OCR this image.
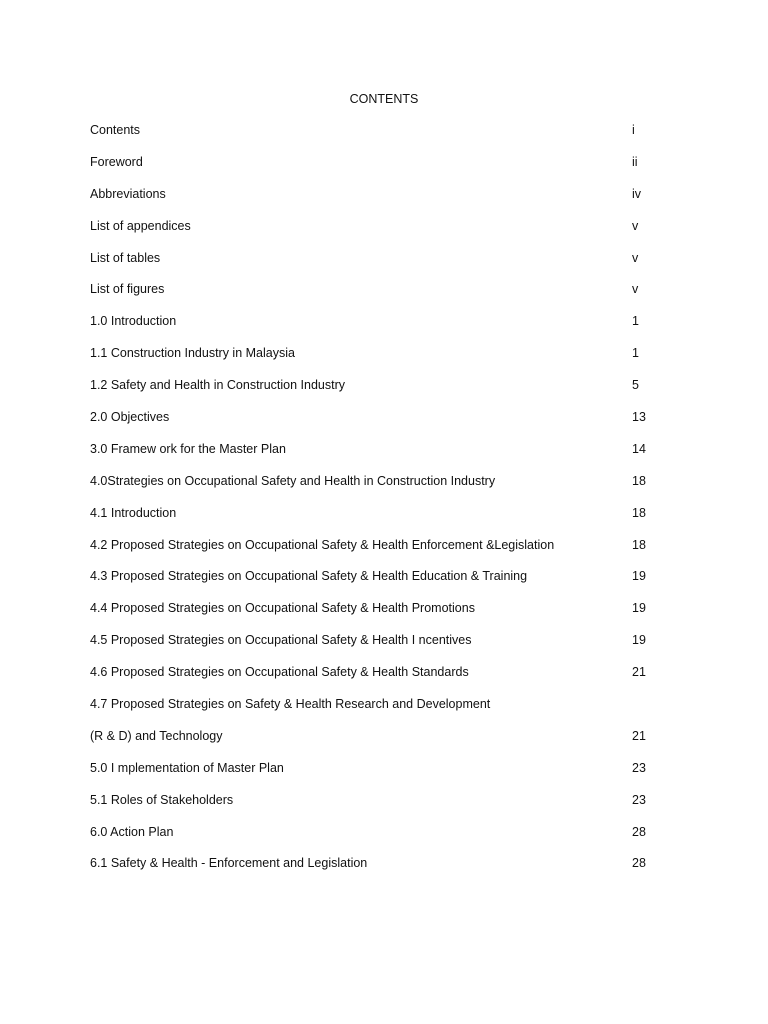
CONTENTS
Contents	i
Foreword	ii
Abbreviations	iv
List of appendices	v
List of tables	v
List of figures	v
1.0 Introduction	1
1.1 Construction Industry in Malaysia	1
1.2 Safety and Health in Construction Industry	5
2.0 Objectives	13
3.0 Framew ork for the Master Plan	14
4.0Strategies on Occupational Safety and Health in Construction Industry	18
4.1 Introduction	18
4.2 Proposed Strategies on Occupational Safety & Health Enforcement &Legislation	18
4.3 Proposed Strategies on Occupational Safety & Health Education & Training	19
4.4 Proposed Strategies on Occupational Safety & Health Promotions	19
4.5 Proposed Strategies on Occupational Safety & Health I ncentives	19
4.6 Proposed Strategies on Occupational Safety & Health Standards	21
4.7 Proposed Strategies on Safety & Health Research and Development
(R & D) and Technology	21
5.0 I mplementation of Master Plan	23
5.1 Roles of Stakeholders	23
6.0 Action Plan	28
6.1 Safety & Health - Enforcement and Legislation	28
